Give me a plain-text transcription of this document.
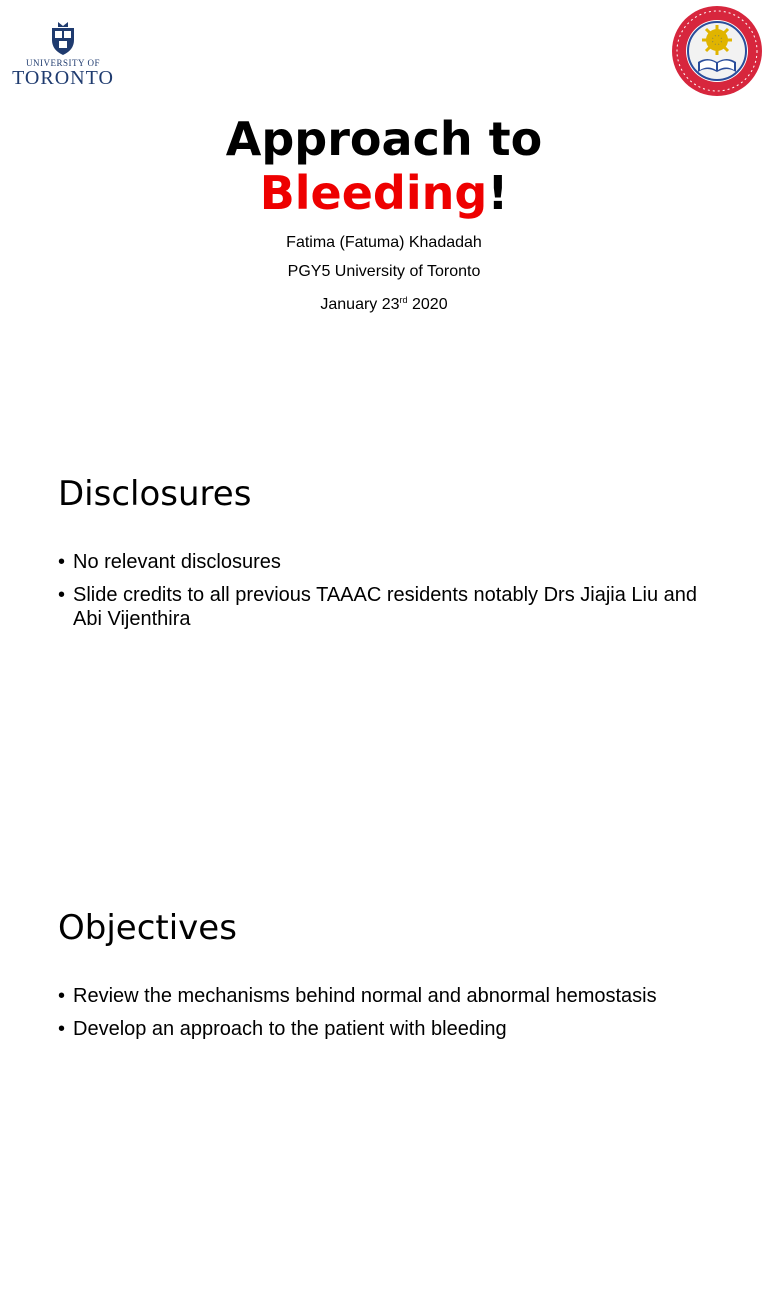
UNIVERSITY OF
TORONTO
Approach to
Bleeding!
Fatima (Fatuma) Khadadah
PGY5 University of Toronto
January 23rd 2020
Disclosures
• No relevant disclosures
• Slide credits to all previous TAAAC residents notably Drs Jiajia Liu and Abi Vijenthira
Objectives
• Review the mechanisms behind normal and abnormal hemostasis
• Develop an approach to the patient with bleeding
